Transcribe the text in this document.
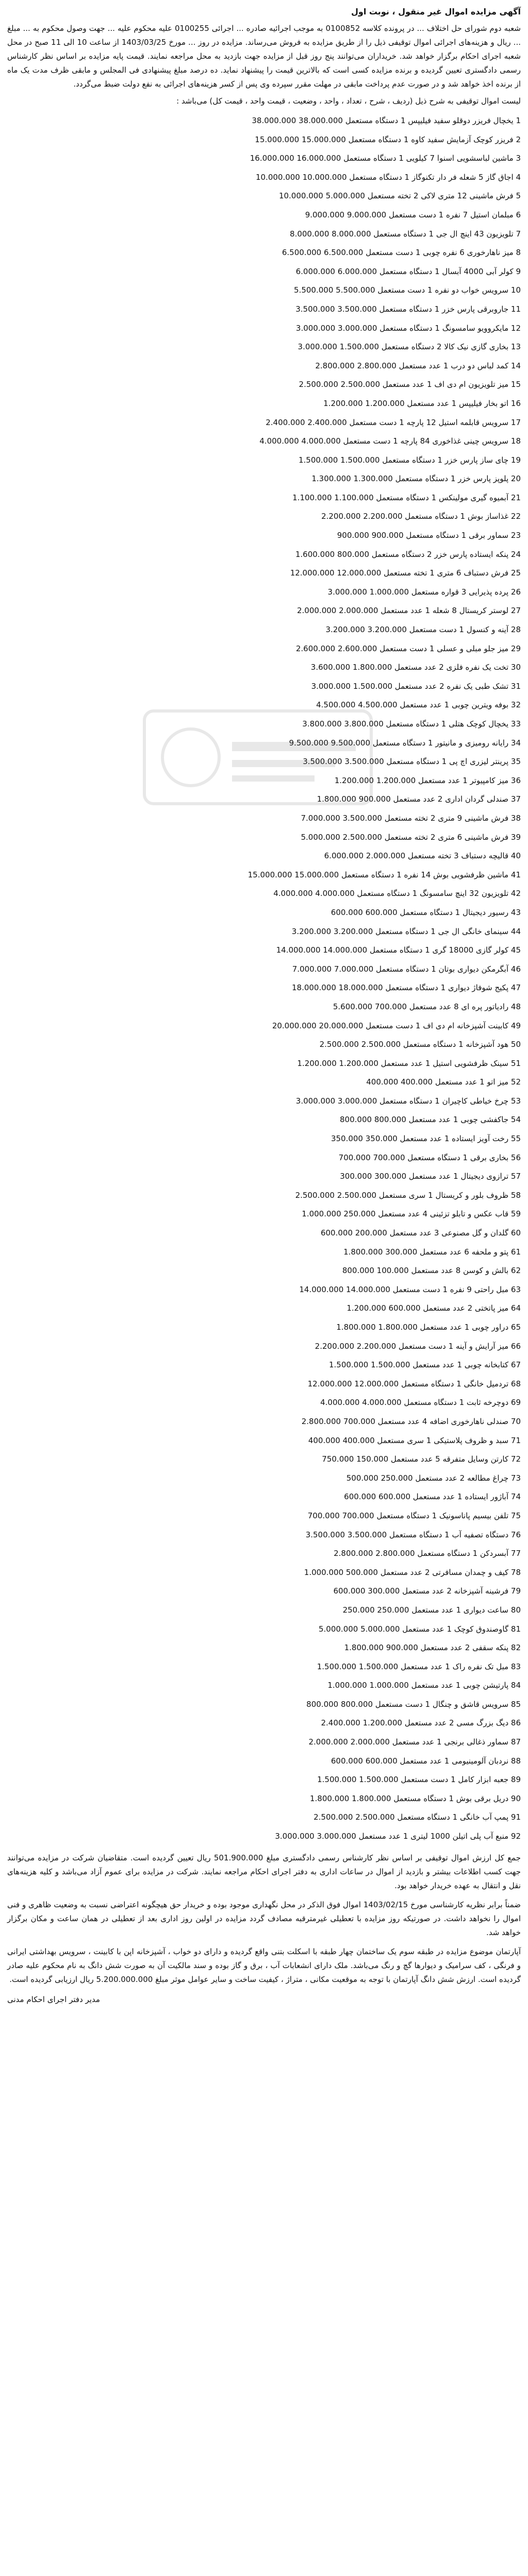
آگهی مزایده اموال غیر منقول ، نوبت اول

شعبه دوم شورای حل اختلاف ... در پرونده کلاسه 0100852 به موجب اجرائیه صادره ... اجرائی 0100255 علیه محکوم علیه ... جهت وصول محکوم به ... مبلغ ... ریال و هزینه‌های اجرائی اموال توقیفی ذیل را از طریق مزایده به فروش می‌رساند. مزایده در روز ... مورخ 1403/03/25 از ساعت 10 الی 11 صبح در محل شعبه اجرای احکام برگزار خواهد شد. خریداران می‌توانند پنج روز قبل از مزایده جهت بازدید به محل مراجعه نمایند. قیمت پایه مزایده بر اساس نظر کارشناس رسمی دادگستری تعیین گردیده و برنده مزایده کسی است که بالاترین قیمت را پیشنهاد نماید. ده درصد مبلغ پیشنهادی فی المجلس و مابقی ظرف مدت یک ماه از برنده اخذ خواهد شد و در صورت عدم پرداخت مابقی در مهلت مقرر سپرده وی پس از کسر هزینه‌های اجرائی به نفع دولت ضبط می‌گردد.

لیست اموال توقیفی به شرح ذیل (ردیف ، شرح ، تعداد ، واحد ، وضعیت ، قیمت واحد ، قیمت کل) می‌باشد :

1 یخچال فریزر دوقلو سفید فیلیپس 1 دستگاه مستعمل 38.000.000 38.000.000
2 فریزر کوچک آزمایش سفید کاوه 1 دستگاه مستعمل 15.000.000 15.000.000
3 ماشین لباسشویی اسنوا 7 کیلویی 1 دستگاه مستعمل 16.000.000 16.000.000
4 اجاق گاز 5 شعله فر دار تکنوگاز 1 دستگاه مستعمل 10.000.000 10.000.000
5 فرش ماشینی 12 متری لاکی 2 تخته مستعمل 5.000.000 10.000.000
6 مبلمان استیل 7 نفره 1 دست مستعمل 9.000.000 9.000.000
7 تلویزیون 43 اینچ ال جی 1 دستگاه مستعمل 8.000.000 8.000.000
8 میز ناهارخوری 6 نفره چوبی 1 دست مستعمل 6.500.000 6.500.000
9 کولر آبی 4000 آبسال 1 دستگاه مستعمل 6.000.000 6.000.000
10 سرویس خواب دو نفره 1 دست مستعمل 5.500.000 5.500.000
11 جاروبرقی پارس خزر 1 دستگاه مستعمل 3.500.000 3.500.000
12 مایکروویو سامسونگ 1 دستگاه مستعمل 3.000.000 3.000.000
13 بخاری گازی نیک کالا 2 دستگاه مستعمل 1.500.000 3.000.000
14 کمد لباس دو درب 1 عدد مستعمل 2.800.000 2.800.000
15 میز تلویزیون ام دی اف 1 عدد مستعمل 2.500.000 2.500.000
16 اتو بخار فیلیپس 1 عدد مستعمل 1.200.000 1.200.000
17 سرویس قابلمه استیل 12 پارچه 1 دست مستعمل 2.400.000 2.400.000
18 سرویس چینی غذاخوری 84 پارچه 1 دست مستعمل 4.000.000 4.000.000
19 چای ساز پارس خزر 1 دستگاه مستعمل 1.500.000 1.500.000
20 پلوپز پارس خزر 1 دستگاه مستعمل 1.300.000 1.300.000
21 آبمیوه گیری مولینکس 1 دستگاه مستعمل 1.100.000 1.100.000
22 غذاساز بوش 1 دستگاه مستعمل 2.200.000 2.200.000
23 سماور برقی 1 دستگاه مستعمل 900.000 900.000
24 پنکه ایستاده پارس خزر 2 دستگاه مستعمل 800.000 1.600.000
25 فرش دستباف 6 متری 1 تخته مستعمل 12.000.000 12.000.000
26 پرده پذیرایی 3 قواره مستعمل 1.000.000 3.000.000
27 لوستر کریستال 8 شعله 1 عدد مستعمل 2.000.000 2.000.000
28 آینه و کنسول 1 دست مستعمل 3.200.000 3.200.000
29 میز جلو مبلی و عسلی 1 دست مستعمل 2.600.000 2.600.000
30 تخت یک نفره فلزی 2 عدد مستعمل 1.800.000 3.600.000
31 تشک طبی یک نفره 2 عدد مستعمل 1.500.000 3.000.000
32 بوفه ویترین چوبی 1 عدد مستعمل 4.500.000 4.500.000
33 یخچال کوچک هتلی 1 دستگاه مستعمل 3.800.000 3.800.000
34 رایانه رومیزی و مانیتور 1 دستگاه مستعمل 9.500.000 9.500.000
35 پرینتر لیزری اچ پی 1 دستگاه مستعمل 3.500.000 3.500.000
36 میز کامپیوتر 1 عدد مستعمل 1.200.000 1.200.000
37 صندلی گردان اداری 2 عدد مستعمل 900.000 1.800.000
38 فرش ماشینی 9 متری 2 تخته مستعمل 3.500.000 7.000.000
39 فرش ماشینی 6 متری 2 تخته مستعمل 2.500.000 5.000.000
40 قالیچه دستباف 3 تخته مستعمل 2.000.000 6.000.000
41 ماشین ظرفشویی بوش 14 نفره 1 دستگاه مستعمل 15.000.000 15.000.000
42 تلویزیون 32 اینچ سامسونگ 1 دستگاه مستعمل 4.000.000 4.000.000
43 رسیور دیجیتال 1 دستگاه مستعمل 600.000 600.000
44 سینمای خانگی ال جی 1 دستگاه مستعمل 3.200.000 3.200.000
45 کولر گازی 18000 گری 1 دستگاه مستعمل 14.000.000 14.000.000
46 آبگرمکن دیواری بوتان 1 دستگاه مستعمل 7.000.000 7.000.000
47 پکیج شوفاژ دیواری 1 دستگاه مستعمل 18.000.000 18.000.000
48 رادیاتور پره ای 8 عدد مستعمل 700.000 5.600.000
49 کابینت آشپزخانه ام دی اف 1 دست مستعمل 20.000.000 20.000.000
50 هود آشپزخانه 1 دستگاه مستعمل 2.500.000 2.500.000
51 سینک ظرفشویی استیل 1 عدد مستعمل 1.200.000 1.200.000
52 میز اتو 1 عدد مستعمل 400.000 400.000
53 چرخ خیاطی کاچیران 1 دستگاه مستعمل 3.000.000 3.000.000
54 جاکفشی چوبی 1 عدد مستعمل 800.000 800.000
55 رخت آویز ایستاده 1 عدد مستعمل 350.000 350.000
56 بخاری برقی 1 دستگاه مستعمل 700.000 700.000
57 ترازوی دیجیتال 1 عدد مستعمل 300.000 300.000
58 ظروف بلور و کریستال 1 سری مستعمل 2.500.000 2.500.000
59 قاب عکس و تابلو تزئینی 4 عدد مستعمل 250.000 1.000.000
60 گلدان و گل مصنوعی 3 عدد مستعمل 200.000 600.000
61 پتو و ملحفه 6 عدد مستعمل 300.000 1.800.000
62 بالش و کوسن 8 عدد مستعمل 100.000 800.000
63 مبل راحتی 9 نفره 1 دست مستعمل 14.000.000 14.000.000
64 میز پاتختی 2 عدد مستعمل 600.000 1.200.000
65 دراور چوبی 1 عدد مستعمل 1.800.000 1.800.000
66 میز آرایش و آینه 1 دست مستعمل 2.200.000 2.200.000
67 کتابخانه چوبی 1 عدد مستعمل 1.500.000 1.500.000
68 تردمیل خانگی 1 دستگاه مستعمل 12.000.000 12.000.000
69 دوچرخه ثابت 1 دستگاه مستعمل 4.000.000 4.000.000
70 صندلی ناهارخوری اضافه 4 عدد مستعمل 700.000 2.800.000
71 سبد و ظروف پلاستیکی 1 سری مستعمل 400.000 400.000
72 کارتن وسایل متفرقه 5 عدد مستعمل 150.000 750.000
73 چراغ مطالعه 2 عدد مستعمل 250.000 500.000
74 آباژور ایستاده 1 عدد مستعمل 600.000 600.000
75 تلفن بیسیم پاناسونیک 1 دستگاه مستعمل 700.000 700.000
76 دستگاه تصفیه آب 1 دستگاه مستعمل 3.500.000 3.500.000
77 آبسردکن 1 دستگاه مستعمل 2.800.000 2.800.000
78 کیف و چمدان مسافرتی 2 عدد مستعمل 500.000 1.000.000
79 فرشینه آشپزخانه 2 عدد مستعمل 300.000 600.000
80 ساعت دیواری 1 عدد مستعمل 250.000 250.000
81 گاوصندوق کوچک 1 عدد مستعمل 5.000.000 5.000.000
82 پنکه سقفی 2 عدد مستعمل 900.000 1.800.000
83 مبل تک نفره راک 1 عدد مستعمل 1.500.000 1.500.000
84 پارتیشن چوبی 1 عدد مستعمل 1.000.000 1.000.000
85 سرویس قاشق و چنگال 1 دست مستعمل 800.000 800.000
86 دیگ بزرگ مسی 2 عدد مستعمل 1.200.000 2.400.000
87 سماور ذغالی برنجی 1 عدد مستعمل 2.000.000 2.000.000
88 نردبان آلومینیومی 1 عدد مستعمل 600.000 600.000
89 جعبه ابزار کامل 1 دست مستعمل 1.500.000 1.500.000
90 دریل برقی بوش 1 دستگاه مستعمل 1.800.000 1.800.000
91 پمپ آب خانگی 1 دستگاه مستعمل 2.500.000 2.500.000
92 منبع آب پلی اتیلن 1000 لیتری 1 عدد مستعمل 3.000.000 3.000.000

جمع کل ارزش اموال توقیفی بر اساس نظر کارشناس رسمی دادگستری مبلغ 501.900.000 ریال تعیین گردیده است. متقاضیان شرکت در مزایده می‌توانند جهت کسب اطلاعات بیشتر و بازدید از اموال در ساعات اداری به دفتر اجرای احکام مراجعه نمایند. شرکت در مزایده برای عموم آزاد می‌باشد و کلیه هزینه‌های نقل و انتقال به عهده خریدار خواهد بود.

ضمناً برابر نظریه کارشناسی مورخ 1403/02/15 اموال فوق الذکر در محل نگهداری موجود بوده و خریدار حق هیچگونه اعتراضی نسبت به وضعیت ظاهری و فنی اموال را نخواهد داشت. در صورتیکه روز مزایده با تعطیلی غیرمترقبه مصادف گردد مزایده در اولین روز اداری بعد از تعطیلی در همان ساعت و مکان برگزار خواهد شد.

آپارتمان موضوع مزایده در طبقه سوم یک ساختمان چهار طبقه با اسکلت بتنی واقع گردیده و دارای دو خواب ، آشپزخانه اپن با کابینت ، سرویس بهداشتی ایرانی و فرنگی ، کف سرامیک و دیوارها گچ و رنگ می‌باشد. ملک دارای انشعابات آب ، برق و گاز بوده و سند مالکیت آن به صورت شش دانگ به نام محکوم علیه صادر گردیده است. ارزش شش دانگ آپارتمان با توجه به موقعیت مکانی ، متراژ ، کیفیت ساخت و سایر عوامل موثر مبلغ 5.200.000.000 ریال ارزیابی گردیده است.

مدیر دفتر اجرای احکام مدنی
